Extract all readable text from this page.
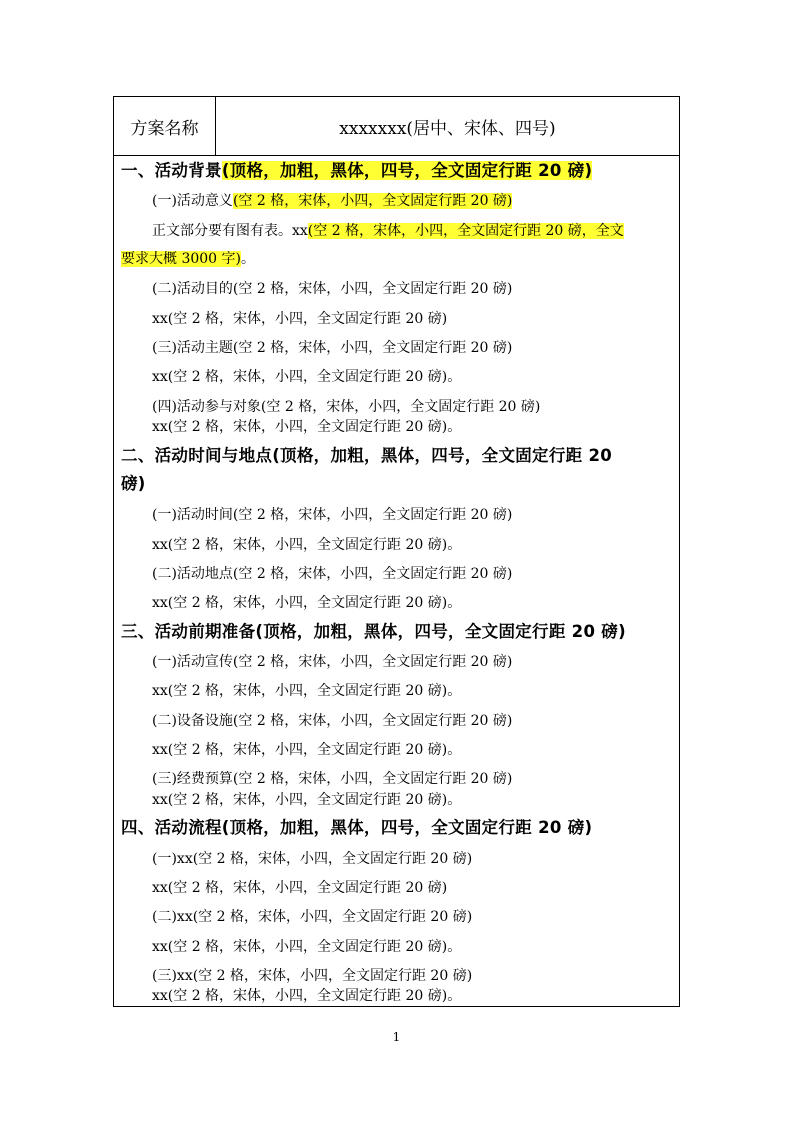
方案名称	xxxxxxx(居中、宋体、四号)
一、活动背景(顶格，加粗，黑体，四号，全文固定行距 20 磅)
(一)活动意义(空 2 格，宋体，小四，全文固定行距 20 磅)
正文部分要有图有表。xx(空 2 格，宋体，小四，全文固定行距 20 磅，全文
要求大概 3000 字)。
(二)活动目的(空 2 格，宋体，小四，全文固定行距 20 磅)
xx(空 2 格，宋体，小四，全文固定行距 20 磅)
(三)活动主题(空 2 格，宋体，小四，全文固定行距 20 磅)
xx(空 2 格，宋体，小四，全文固定行距 20 磅)。
(四)活动参与对象(空 2 格，宋体，小四，全文固定行距 20 磅)
xx(空 2 格，宋体，小四，全文固定行距 20 磅)。
二、活动时间与地点(顶格，加粗，黑体，四号，全文固定行距 20
磅)
(一)活动时间(空 2 格，宋体，小四，全文固定行距 20 磅)
xx(空 2 格，宋体，小四，全文固定行距 20 磅)。
(二)活动地点(空 2 格，宋体，小四，全文固定行距 20 磅)
xx(空 2 格，宋体，小四，全文固定行距 20 磅)。
三、活动前期准备(顶格，加粗，黑体，四号，全文固定行距 20 磅)
(一)活动宣传(空 2 格，宋体，小四，全文固定行距 20 磅)
xx(空 2 格，宋体，小四，全文固定行距 20 磅)。
(二)设备设施(空 2 格，宋体，小四，全文固定行距 20 磅)
xx(空 2 格，宋体，小四，全文固定行距 20 磅)。
(三)经费预算(空 2 格，宋体，小四，全文固定行距 20 磅)
xx(空 2 格，宋体，小四，全文固定行距 20 磅)。
四、活动流程(顶格，加粗，黑体，四号，全文固定行距 20 磅)
(一)xx(空 2 格，宋体，小四，全文固定行距 20 磅)
xx(空 2 格，宋体，小四，全文固定行距 20 磅)
(二)xx(空 2 格，宋体，小四，全文固定行距 20 磅)
xx(空 2 格，宋体，小四，全文固定行距 20 磅)。
(三)xx(空 2 格，宋体，小四，全文固定行距 20 磅)
xx(空 2 格，宋体，小四，全文固定行距 20 磅)。
1
